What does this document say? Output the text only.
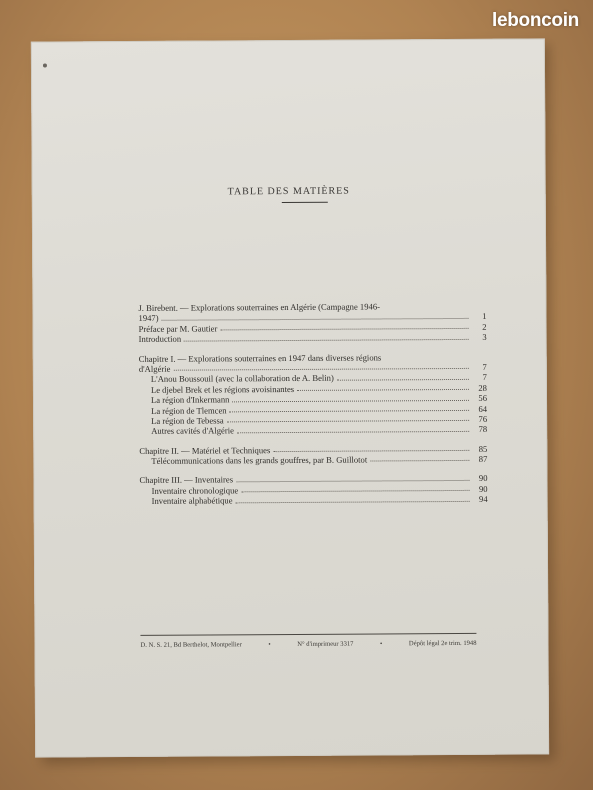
leboncoin
TABLE DES MATIÈRES
J. Birebent. — Explorations souterraines en Algérie (Campagne 1946-
1947)	1
Préface par M. Gautier	2
Introduction	3
Chapitre I. — Explorations souterraines en 1947 dans diverses régions
d'Algérie	7
L'Anou Boussouil (avec la collaboration de A. Belin)	7
Le djebel Brek et les régions avoisinantes	28
La région d'Inkermann	56
La région de Tlemcen	64
La région de Tebessa	76
Autres cavités d'Algérie	78
Chapitre II. — Matériel et Techniques	85
Télécommunications dans les grands gouffres, par B. Guillotot	87
Chapitre III. — Inventaires	90
Inventaire chronologique	90
Inventaire alphabétique	94
D. N. S. 21, Bd Berthelot, Montpellier	•	N° d'imprimeur 3317	•	Dépôt légal 2e trim. 1948
